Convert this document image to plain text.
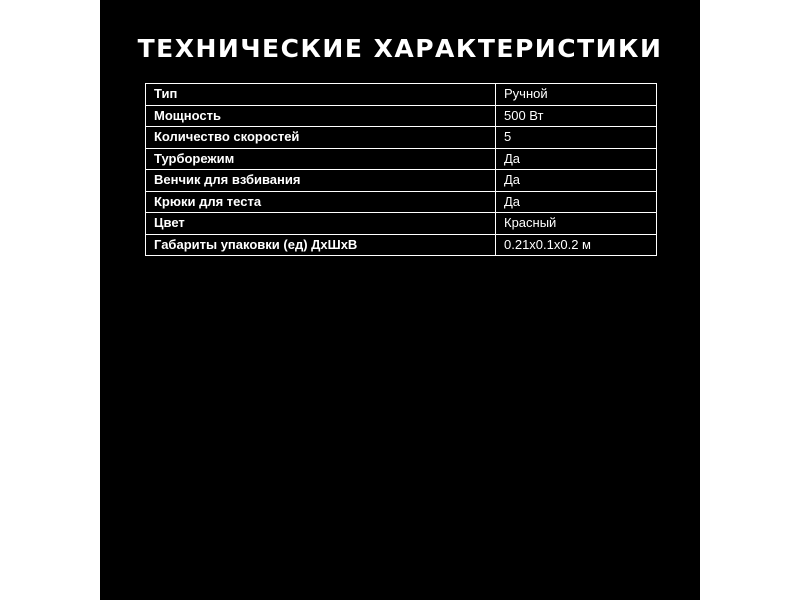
ТЕХНИЧЕСКИЕ ХАРАКТЕРИСТИКИ
Тип	Ручной
Мощность	500 Вт
Количество скоростей	5
Турборежим	Да
Венчик для взбивания	Да
Крюки для теста	Да
Цвет	Красный
Габариты упаковки (ед) ДхШхВ	0.21x0.1x0.2 м
